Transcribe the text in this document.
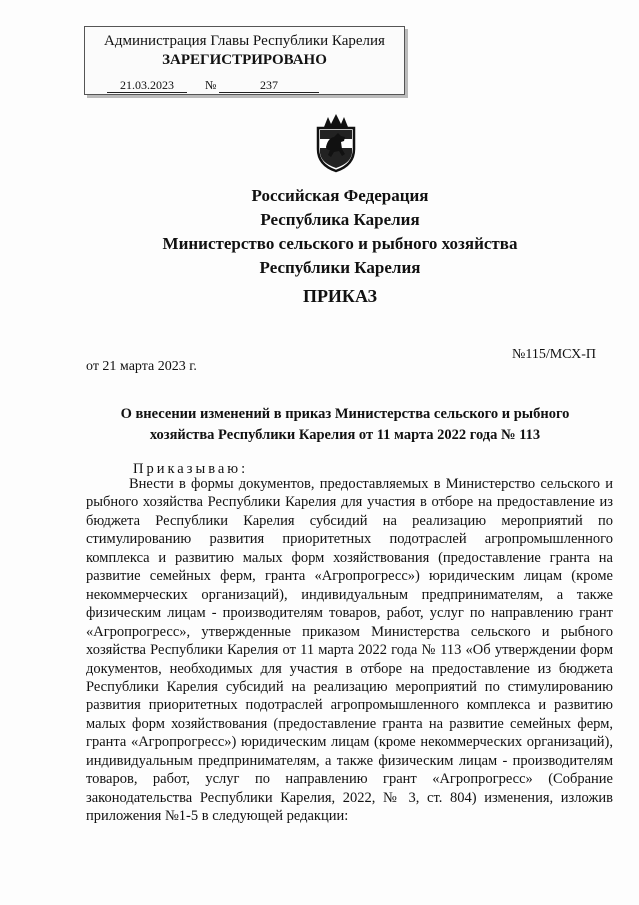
Администрация Главы Республики Карелия
ЗАРЕГИСТРИРОВАНО
21.03.2023	№	237
Российская Федерация
Республика Карелия
Министерство сельского и рыбного хозяйства
Республики Карелия
ПРИКАЗ
от 21 марта 2023 г.
№115/МСХ-П
О внесении изменений в приказ Министерства сельского и рыбного хозяйства Республики Карелия от 11 марта 2022 года № 113
Приказываю:

Внести в формы документов, предоставляемых в Министерство сельского и рыбного хозяйства Республики Карелия для участия в отборе на предоставление из бюджета Республики Карелия субсидий на реализацию мероприятий по стимулированию развития приоритетных подотраслей агропромышленного комплекса и развитию малых форм хозяйствования (предоставление гранта на развитие семейных ферм, гранта «Агропрогресс») юридическим лицам (кроме некоммерческих организаций), индивидуальным предпринимателям, а также физическим лицам - производителям товаров, работ, услуг по направлению грант «Агропрогресс», утвержденные приказом Министерства сельского и рыбного хозяйства Республики Карелия от 11 марта 2022 года № 113 «Об утверждении форм документов, необходимых для участия в отборе на предоставление из бюджета Республики Карелия субсидий на реализацию мероприятий по стимулированию развития приоритетных подотраслей агропромышленного комплекса и развитию малых форм хозяйствования (предоставление гранта на развитие семейных ферм, гранта «Агропрогресс») юридическим лицам (кроме некоммерческих организаций), индивидуальным предпринимателям, а также физическим лицам - производителям товаров, работ, услуг по направлению грант «Агропрогресс» (Собрание законодательства Республики Карелия, 2022, № 3, ст. 804) изменения, изложив приложения №1-5 в следующей редакции:
